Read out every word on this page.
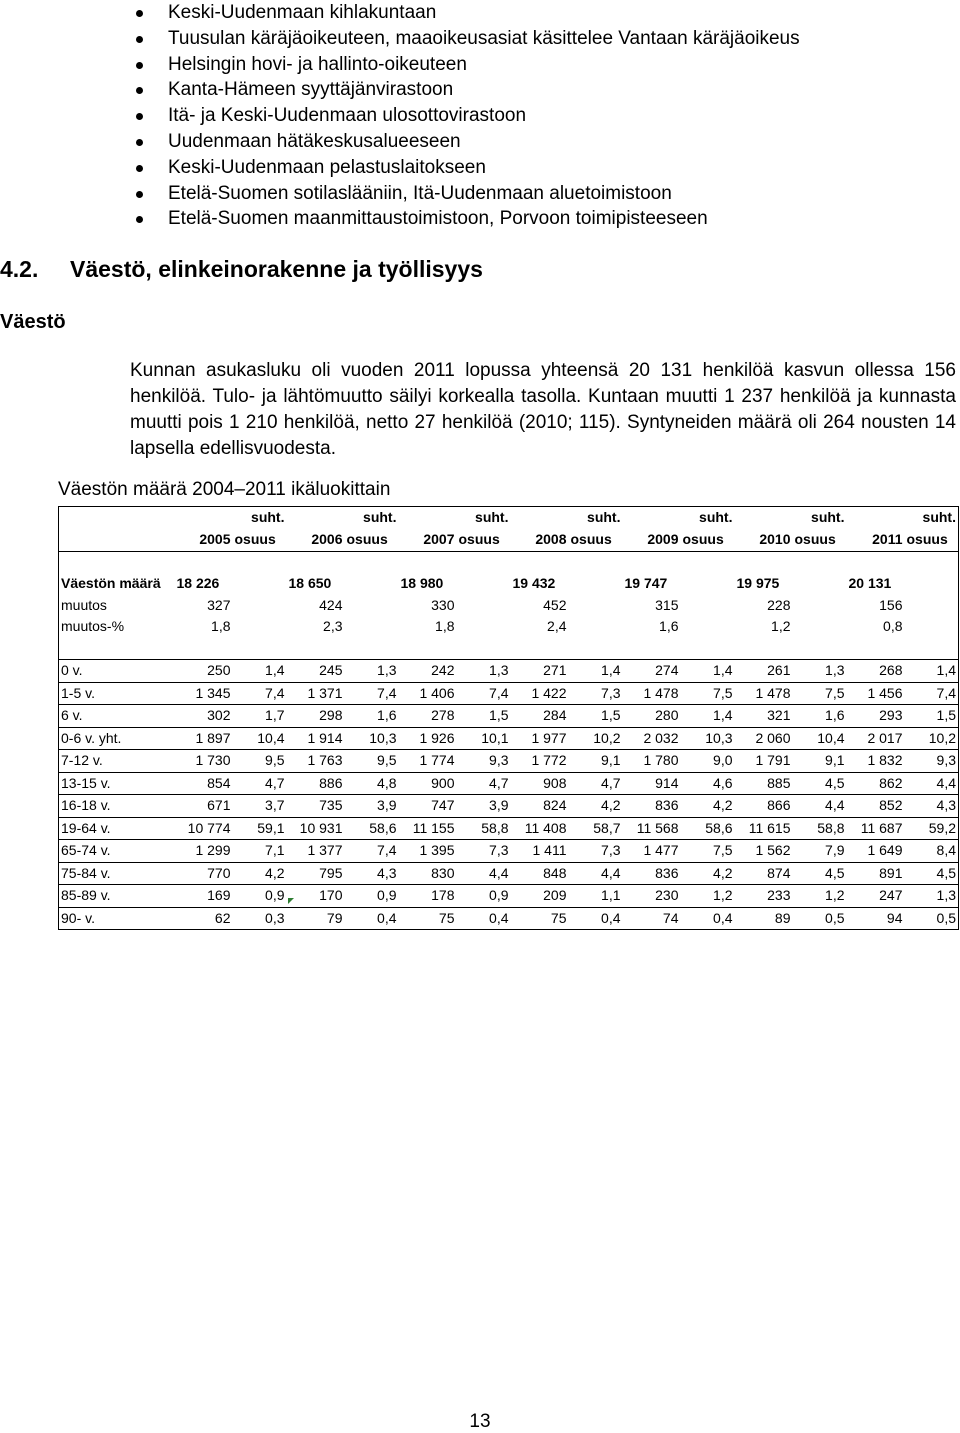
Keski-Uudenmaan kihlakuntaan
Tuusulan käräjäoikeuteen, maaoikeusasiat käsittelee Vantaan käräjäoikeus
Helsingin hovi- ja hallinto-oikeuteen
Kanta-Hämeen syyttäjänvirastoon
Itä- ja Keski-Uudenmaan ulosottovirastoon
Uudenmaan hätäkeskusalueeseen
Keski-Uudenmaan pelastuslaitokseen
Etelä-Suomen sotilaslääniin, Itä-Uudenmaan aluetoimistoon
Etelä-Suomen maanmittaustoimistoon, Porvoon toimipisteeseen
4.2. Väestö, elinkeinorakenne ja työllisyys
Väestö

Kunnan asukasluku oli vuoden 2011 lopussa yhteensä 20 131 henkilöä kasvun ollessa 156 henkilöä. Tulo- ja lähtömuutto säilyi korkealla tasolla. Kuntaan muutti 1 237 henkilöä ja kunnasta muutti pois 1 210 henkilöä, netto 27 henkilöä (2010; 115). Syntyneiden määrä oli 264 nousten 14 lapsella edellisvuodesta.

Väestön määrä 2004–2011 ikäluokittain
		suht.		suht.		suht.		suht.		suht.		suht.		suht.
	2005	osuus	2006	osuus	2007	osuus	2008	osuus	2009	osuus	2010	osuus	2011	osuus

Väestön määrä	18 226		18 650		18 980		19 432		19 747		19 975		20 131	
muutos	327		424		330		452		315		228		156	
muutos-%	1,8		2,3		1,8		2,4		1,6		1,2		0,8	

0 v.	250	1,4	245	1,3	242	1,3	271	1,4	274	1,4	261	1,3	268	1,4
1-5 v.	1 345	7,4	1 371	7,4	1 406	7,4	1 422	7,3	1 478	7,5	1 478	7,5	1 456	7,4
6 v.	302	1,7	298	1,6	278	1,5	284	1,5	280	1,4	321	1,6	293	1,5
0-6 v. yht.	1 897	10,4	1 914	10,3	1 926	10,1	1 977	10,2	2 032	10,3	2 060	10,4	2 017	10,2
7-12 v.	1 730	9,5	1 763	9,5	1 774	9,3	1 772	9,1	1 780	9,0	1 791	9,1	1 832	9,3
13-15 v.	854	4,7	886	4,8	900	4,7	908	4,7	914	4,6	885	4,5	862	4,4
16-18 v.	671	3,7	735	3,9	747	3,9	824	4,2	836	4,2	866	4,4	852	4,3
19-64 v.	10 774	59,1	10 931	58,6	11 155	58,8	11 408	58,7	11 568	58,6	11 615	58,8	11 687	59,2
65-74 v.	1 299	7,1	1 377	7,4	1 395	7,3	1 411	7,3	1 477	7,5	1 562	7,9	1 649	8,4
75-84 v.	770	4,2	795	4,3	830	4,4	848	4,4	836	4,2	874	4,5	891	4,5
85-89 v.	169	0,9	170	0,9	178	0,9	209	1,1	230	1,2	233	1,2	247	1,3
90- v.	62	0,3	79	0,4	75	0,4	75	0,4	74	0,4	89	0,5	94	0,5
13
